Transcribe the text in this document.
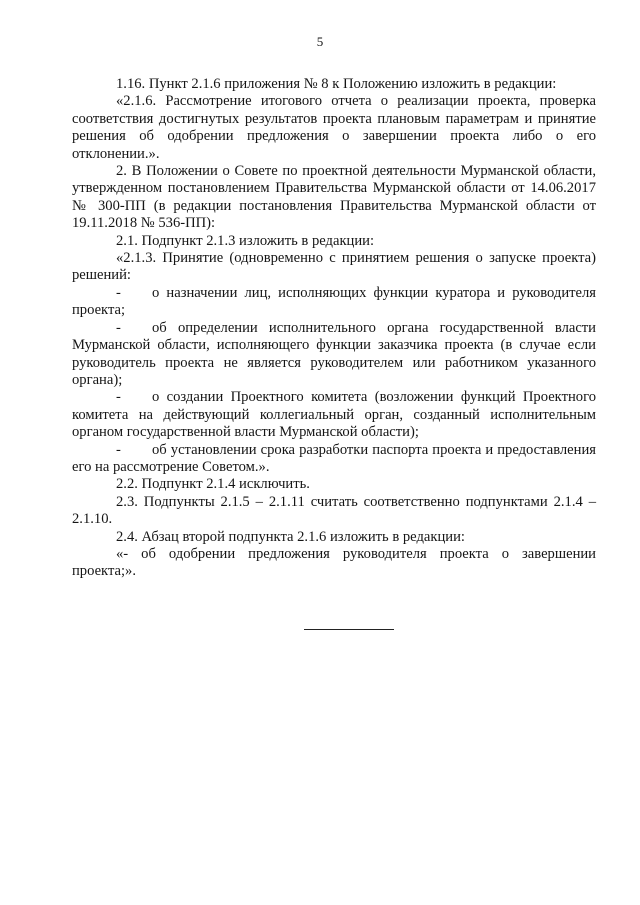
5

1.16. Пункт 2.1.6 приложения № 8 к Положению изложить в редакции:

«2.1.6. Рассмотрение итогового отчета о реализации проекта, проверка соответствия достигнутых результатов проекта плановым параметрам и принятие решения об одобрении предложения о завершении проекта либо о его отклонении.».

2. В Положении о Совете по проектной деятельности Мурманской области, утвержденном постановлением Правительства Мурманской области от 14.06.2017 № 300-ПП (в редакции постановления Правительства Мурманской области от 19.11.2018 № 536-ПП):

2.1. Подпункт 2.1.3 изложить в редакции:

«2.1.3. Принятие (одновременно с принятием решения о запуске проекта) решений:

- о назначении лиц, исполняющих функции куратора и руководителя проекта;

- об определении исполнительного органа государственной власти Мурманской области, исполняющего функции заказчика проекта (в случае если руководитель проекта не является руководителем или работником указанного органа);

- о создании Проектного комитета (возложении функций Проектного комитета на действующий коллегиальный орган, созданный исполнительным органом государственной власти Мурманской области);

- об установлении срока разработки паспорта проекта и предоставления его на рассмотрение Советом.».

2.2. Подпункт 2.1.4 исключить.

2.3. Подпункты 2.1.5 – 2.1.11 считать соответственно подпунктами 2.1.4 – 2.1.10.

2.4. Абзац второй подпункта 2.1.6 изложить в редакции:

«- об одобрении предложения руководителя проекта о завершении проекта;».
